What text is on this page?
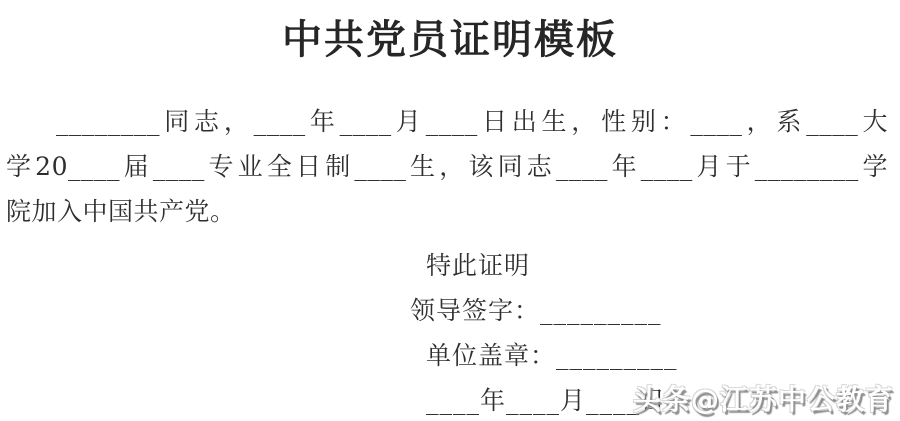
中共党员证明模板
________同志，____年____月____日出生，性别：____，系____大
学20____届____专业全日制____生，该同志____年____月于________学
院加入中国共产党。
特此证明
领导签字：_________
单位盖章：_________
____年____月____日
头条@江苏中公教育
